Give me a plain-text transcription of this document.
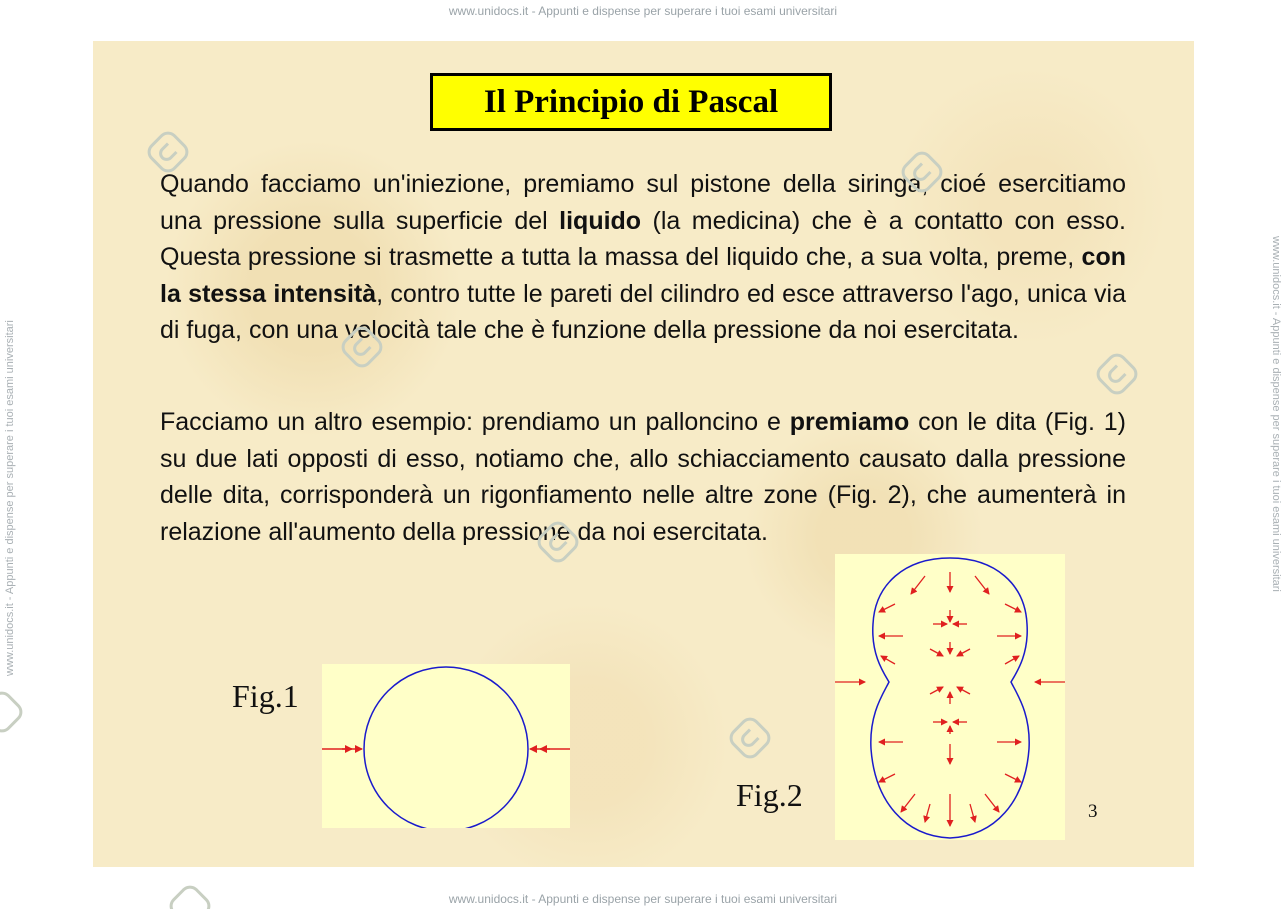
www.unidocs.it - Appunti e dispense per superare i tuoi esami universitari
www.unidocs.it - Appunti e dispense per superare i tuoi esami universitari
www.unidocs.it - Appunti e dispense per superare i tuoi esami universitari	www.unidocs.it - Appunti e dispense per superare i tuoi esami universitari
Il Principio di Pascal
Quando facciamo un'iniezione, premiamo sul pistone della siringa, cioé esercitiamo una pressione sulla superficie del liquido (la medicina) che è a contatto con esso. Questa pressione si trasmette a tutta la massa del liquido che, a sua volta, preme, con la stessa intensità, contro tutte le pareti del cilindro ed esce attraverso l'ago, unica via di fuga, con una velocità tale che è funzione della pressione da noi esercitata.
Facciamo un altro esempio: prendiamo un palloncino e premiamo con le dita (Fig. 1) su due lati opposti di esso, notiamo che, allo schiacciamento causato dalla pressione delle dita, corrisponderà un rigonfiamento nelle altre zone (Fig. 2), che aumenterà in relazione all'aumento della pressione da noi esercitata.
Fig.1
Fig.2	3
